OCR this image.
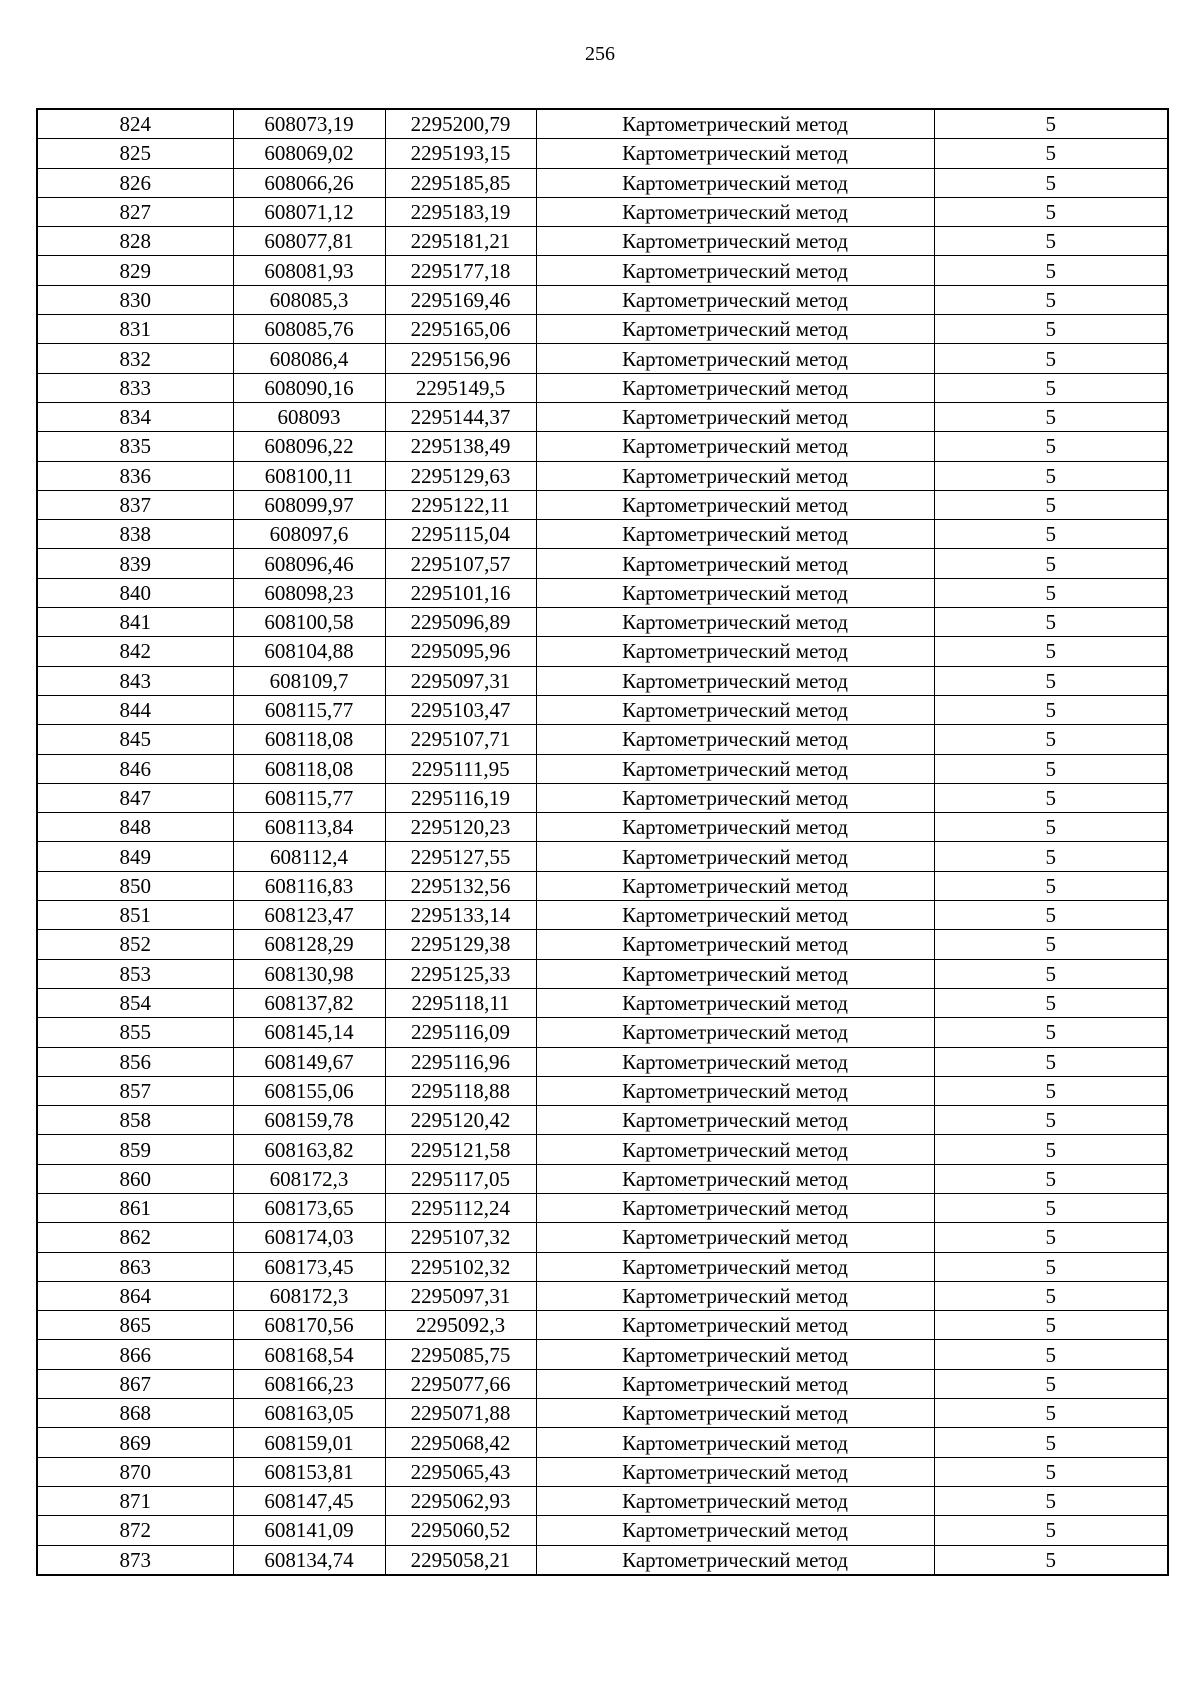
256
824	608073,19	2295200,79	Картометрический метод	5
825	608069,02	2295193,15	Картометрический метод	5
826	608066,26	2295185,85	Картометрический метод	5
827	608071,12	2295183,19	Картометрический метод	5
828	608077,81	2295181,21	Картометрический метод	5
829	608081,93	2295177,18	Картометрический метод	5
830	608085,3	2295169,46	Картометрический метод	5
831	608085,76	2295165,06	Картометрический метод	5
832	608086,4	2295156,96	Картометрический метод	5
833	608090,16	2295149,5	Картометрический метод	5
834	608093	2295144,37	Картометрический метод	5
835	608096,22	2295138,49	Картометрический метод	5
836	608100,11	2295129,63	Картометрический метод	5
837	608099,97	2295122,11	Картометрический метод	5
838	608097,6	2295115,04	Картометрический метод	5
839	608096,46	2295107,57	Картометрический метод	5
840	608098,23	2295101,16	Картометрический метод	5
841	608100,58	2295096,89	Картометрический метод	5
842	608104,88	2295095,96	Картометрический метод	5
843	608109,7	2295097,31	Картометрический метод	5
844	608115,77	2295103,47	Картометрический метод	5
845	608118,08	2295107,71	Картометрический метод	5
846	608118,08	2295111,95	Картометрический метод	5
847	608115,77	2295116,19	Картометрический метод	5
848	608113,84	2295120,23	Картометрический метод	5
849	608112,4	2295127,55	Картометрический метод	5
850	608116,83	2295132,56	Картометрический метод	5
851	608123,47	2295133,14	Картометрический метод	5
852	608128,29	2295129,38	Картометрический метод	5
853	608130,98	2295125,33	Картометрический метод	5
854	608137,82	2295118,11	Картометрический метод	5
855	608145,14	2295116,09	Картометрический метод	5
856	608149,67	2295116,96	Картометрический метод	5
857	608155,06	2295118,88	Картометрический метод	5
858	608159,78	2295120,42	Картометрический метод	5
859	608163,82	2295121,58	Картометрический метод	5
860	608172,3	2295117,05	Картометрический метод	5
861	608173,65	2295112,24	Картометрический метод	5
862	608174,03	2295107,32	Картометрический метод	5
863	608173,45	2295102,32	Картометрический метод	5
864	608172,3	2295097,31	Картометрический метод	5
865	608170,56	2295092,3	Картометрический метод	5
866	608168,54	2295085,75	Картометрический метод	5
867	608166,23	2295077,66	Картометрический метод	5
868	608163,05	2295071,88	Картометрический метод	5
869	608159,01	2295068,42	Картометрический метод	5
870	608153,81	2295065,43	Картометрический метод	5
871	608147,45	2295062,93	Картометрический метод	5
872	608141,09	2295060,52	Картометрический метод	5
873	608134,74	2295058,21	Картометрический метод	5
